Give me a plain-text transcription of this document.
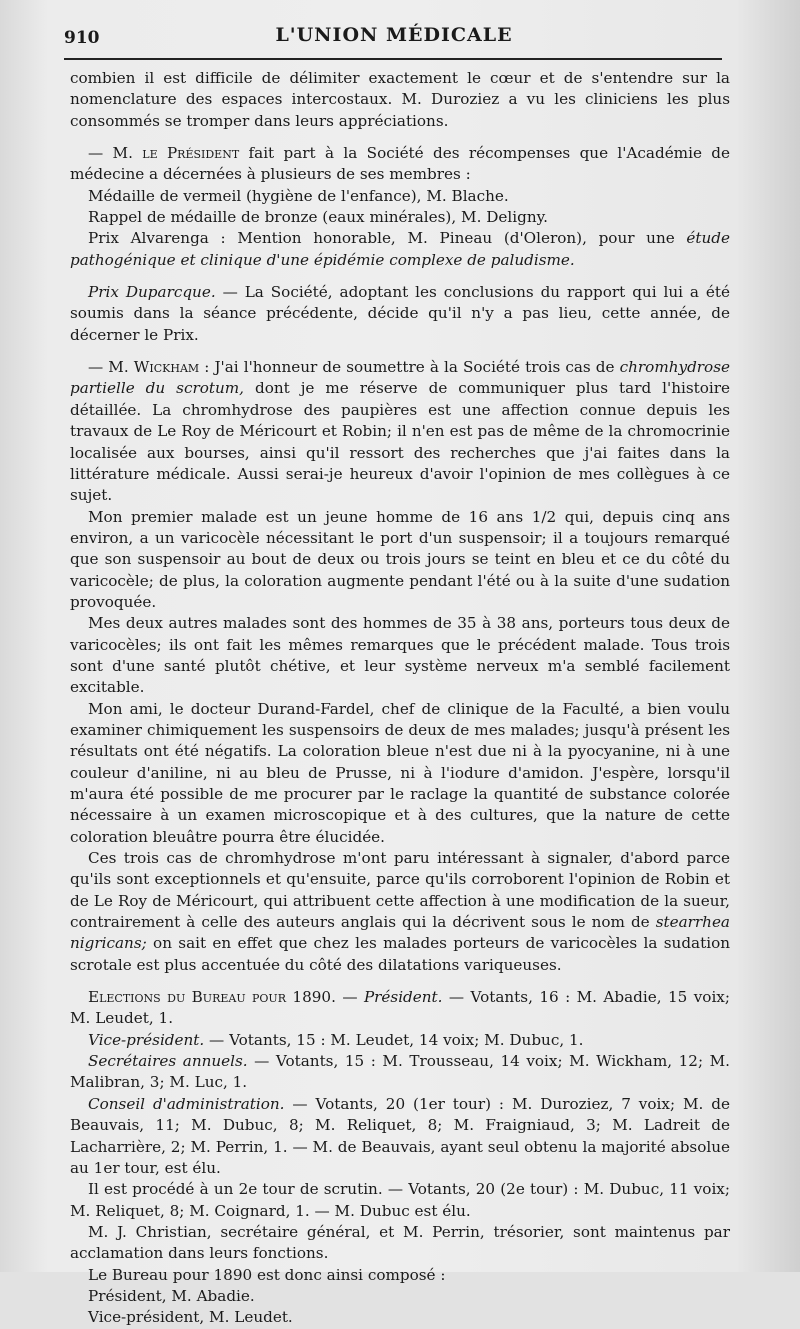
910	L'UNION MÉDICALE

combien il est difficile de délimiter exactement le cœur et de s'entendre sur la nomenclature des espaces intercostaux. M. Duroziez a vu les cliniciens les plus consommés se tromper dans leurs appréciations.

— M. le Président fait part à la Société des récompenses que l'Académie de médecine a décernées à plusieurs de ses membres :

Médaille de vermeil (hygiène de l'enfance), M. Blache.

Rappel de médaille de bronze (eaux minérales), M. Deligny.

Prix Alvarenga : Mention honorable, M. Pineau (d'Oleron), pour une étude pathogénique et clinique d'une épidémie complexe de paludisme.

Prix Duparcque. — La Société, adoptant les conclusions du rapport qui lui a été soumis dans la séance précédente, décide qu'il n'y a pas lieu, cette année, de décerner le Prix.

— M. Wickham : J'ai l'honneur de soumettre à la Société trois cas de chromhydrose partielle du scrotum, dont je me réserve de communiquer plus tard l'histoire détaillée. La chromhydrose des paupières est une affection connue depuis les travaux de Le Roy de Méricourt et Robin; il n'en est pas de même de la chromocrinie localisée aux bourses, ainsi qu'il ressort des recherches que j'ai faites dans la littérature médicale. Aussi serai-je heureux d'avoir l'opinion de mes collègues à ce sujet.

Mon premier malade est un jeune homme de 16 ans 1/2 qui, depuis cinq ans environ, a un varicocèle nécessitant le port d'un suspensoir; il a toujours remarqué que son suspensoir au bout de deux ou trois jours se teint en bleu et ce du côté du varicocèle; de plus, la coloration augmente pendant l'été ou à la suite d'une sudation provoquée.

Mes deux autres malades sont des hommes de 35 à 38 ans, porteurs tous deux de varicocèles; ils ont fait les mêmes remarques que le précédent malade. Tous trois sont d'une santé plutôt chétive, et leur système nerveux m'a semblé facilement excitable.

Mon ami, le docteur Durand-Fardel, chef de clinique de la Faculté, a bien voulu examiner chimiquement les suspensoirs de deux de mes malades; jusqu'à présent les résultats ont été négatifs. La coloration bleue n'est due ni à la pyocyanine, ni à une couleur d'aniline, ni au bleu de Prusse, ni à l'iodure d'amidon. J'espère, lorsqu'il m'aura été possible de me procurer par le raclage la quantité de substance colorée nécessaire à un examen microscopique et à des cultures, que la nature de cette coloration bleuâtre pourra être élucidée.

Ces trois cas de chromhydrose m'ont paru intéressant à signaler, d'abord parce qu'ils sont exceptionnels et qu'ensuite, parce qu'ils corroborent l'opinion de Robin et de Le Roy de Méricourt, qui attribuent cette affection à une modification de la sueur, contrairement à celle des auteurs anglais qui la décrivent sous le nom de stearrhea nigricans; on sait en effet que chez les malades porteurs de varicocèles la sudation scrotale est plus accentuée du côté des dilatations variqueuses.

Elections du Bureau pour 1890. — Président. — Votants, 16 : M. Abadie, 15 voix; M. Leudet, 1.

Vice-président. — Votants, 15 : M. Leudet, 14 voix; M. Dubuc, 1.

Secrétaires annuels. — Votants, 15 : M. Trousseau, 14 voix; M. Wickham, 12; M. Malibran, 3; M. Luc, 1.

Conseil d'administration. — Votants, 20 (1er tour) : M. Duroziez, 7 voix; M. de Beauvais, 11; M. Dubuc, 8; M. Reliquet, 8; M. Fraigniaud, 3; M. Ladreit de Lacharrière, 2; M. Perrin, 1. — M. de Beauvais, ayant seul obtenu la majorité absolue au 1er tour, est élu.

Il est procédé à un 2e tour de scrutin. — Votants, 20 (2e tour) : M. Dubuc, 11 voix; M. Reliquet, 8; M. Coignard, 1. — M. Dubuc est élu.

M. J. Christian, secrétaire général, et M. Perrin, trésorier, sont maintenus par acclamation dans leurs fonctions.

Le Bureau pour 1890 est donc ainsi composé :

Président, M. Abadie.

Vice-président, M. Leudet.
